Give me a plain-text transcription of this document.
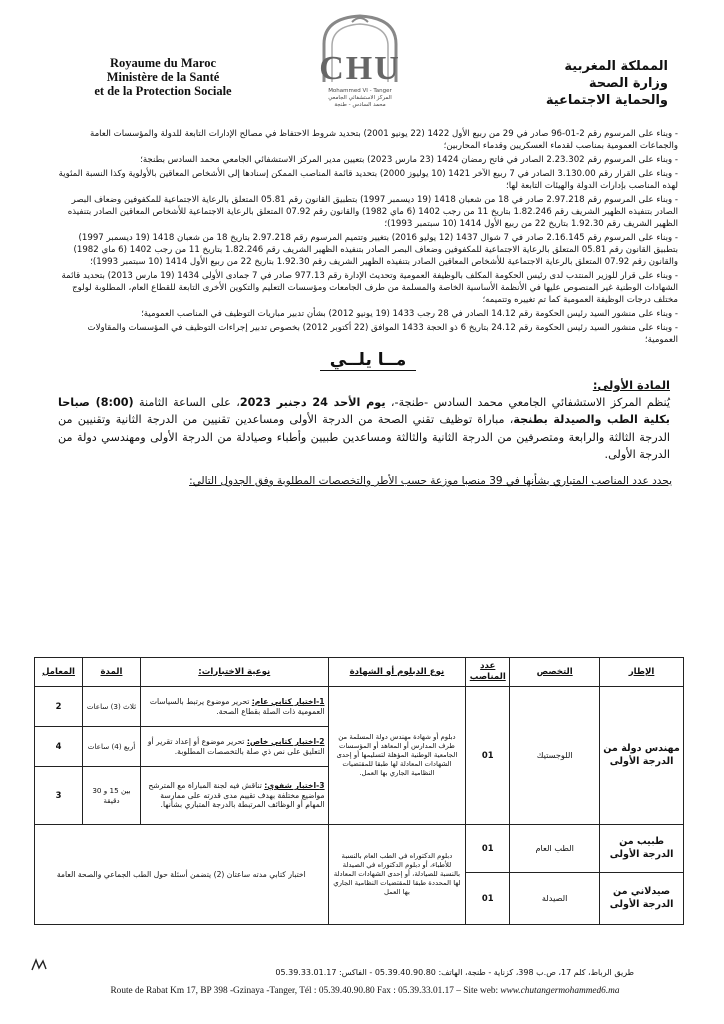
Royaume du Maroc
Ministère de la Santé
et de la Protection Sociale
CHU
Mohammed VI - Tanger
المركز الاستشفائي الجامعي
محمد السادس - طنجة
المملكة المغربية
وزارة الصحة
والحماية الاجتماعية

- وبناء على المرسوم رقم 2-01-96 صادر في 29 من ربيع الأول 1422 (22 يونيو 2001) بتحديد شروط الاحتفاظ في مصالح الإدارات التابعة للدولة والمؤسسات العامة والجماعات العمومية بمناصب لقدماء العسكريين وقدماء المحاربين؛

- وبناء على المرسوم رقم 2.23.302 الصادر في فاتح رمضان 1424 (23 مارس 2023) بتعيين مدير المركز الاستشفائي الجامعي محمد السادس بطنجة؛

- وبناء على القرار رقم 3.130.00 الصادر في 7 ربيع الآخر 1421 (10 يوليوز 2000) بتحديد قائمة المناصب الممكن إسنادها إلى الأشخاص المعاقين بالأولوية وكذا النسبة المئوية لهذه المناصب بإدارات الدولة والهيئات التابعة لها؛

- وبناء على المرسوم رقم 2.97.218 صادر في 18 من شعبان 1418 (19 ديسمبر 1997) بتطبيق القانون رقم 05.81 المتعلق بالرعاية الاجتماعية للمكفوفين وضعاف البصر الصادر بتنفيذه الظهير الشريف رقم 1.82.246 بتاريخ 11 من رجب 1402 (6 ماي 1982) والقانون رقم 07.92 المتعلق بالرعاية الاجتماعية للأشخاص المعاقين الصادر بتنفيذه الظهير الشريف رقم 1.92.30 بتاريخ 22 من ربيع الأول 1414 (10 سبتمبر 1993)؛

- وبناء على المرسوم رقم 2.16.145 صادر في 7 شوال 1437 (12 يوليو 2016) بتغيير وتتميم المرسوم رقم 2.97.218 بتاريخ 18 من شعبان 1418 (19 ديسمبر 1997) بتطبيق القانون رقم 05.81 المتعلق بالرعاية الاجتماعية للمكفوفين وضعاف البصر الصادر بتنفيذه الظهير الشريف رقم 1.82.246 بتاريخ 11 من رجب 1402 (6 ماي 1982) والقانون رقم 07.92 المتعلق بالرعاية الاجتماعية للأشخاص المعاقين الصادر بتنفيذه الظهير الشريف رقم 1.92.30 بتاريخ 22 من ربيع الأول 1414 (10 سبتمبر 1993)؛

- وبناء على قرار للوزير المنتدب لدى رئيس الحكومة المكلف بالوظيفة العمومية وتحديث الإدارة رقم 977.13 صادر في 7 جمادى الأولى 1434 (19 مارس 2013) بتحديد قائمة الشهادات الوطنية غير المنصوص عليها في الأنظمة الأساسية الخاصة والمسلمة من طرف الجامعات ومؤسسات التعليم والتكوين الأخرى التابعة للقطاع العام، المطلوبة لولوج مختلف درجات الوظيفة العمومية كما تم تغييره وتتميمه؛

- وبناء على منشور السيد رئيس الحكومة رقم 14.12 الصادر في 28 رجب 1433 (19 يونيو 2012) بشأن تدبير مباريات التوظيف في المناصب العمومية؛

- وبناء على منشور السيد رئيس الحكومة رقم 24.12 بتاريخ 6 ذو الحجة 1433 الموافق (22 أكتوبر 2012) بخصوص تدبير إجراءات التوظيف في المؤسسات والمقاولات العمومية؛

مــا يلــي
المادة الأولى:
يُنظم المركز الاستشفائي الجامعي محمد السادس -طنجة-، يوم الأحد 24 دجنبر 2023، على الساعة الثامنة (8:00) صباحا بكلية الطب والصيدلة بطنجة، مباراة توظيف تقني الصحة من الدرجة الأولى ومساعدين تقنيين من الدرجة الثانية وتقنيين من الدرجة الثالثة والرابعة ومتصرفين من الدرجة الثانية والثالثة ومساعدين طبيين وأطباء وصيادلة من الدرجة الأولى ومهندسي دولة من الدرجة الأولى.
يحدد عدد المناصب المتباري بشأنها في 39 منصبا موزعة حسب الأطر والتخصصات المطلوبة وفق الجدول التالي:
الإطار	التخصص	عدد المناصب	نوع الدبلوم أو الشهادة	نوعية الاختبارات:	المدة	المعامل
مهندس دولة من الدرجة الأولى	اللوجستيك	01	دبلوم أو شهادة مهندس دولة المسلمة من طرف المدارس أو المعاهد أو المؤسسات الجامعية الوطنية المؤهلة لتسليمها أو إحدى الشهادات المعادلة لها طبقا للمقتضيات النظامية الجاري بها العمل.	1-اختبار كتابي عام: تحرير موضوع يرتبط بالسياسات العمومية ذات الصلة بقطاع الصحة.	ثلاث (3) ساعات	2
				2-اختبار كتابي خاص: تحرير موضوع أو إعداد تقرير أو التعليق على نص ذي صلة بالتخصصات المطلوبة.	أربع (4) ساعات	4
				3-اختبار شفوي: تناقش فيه لجنة المباراة مع المترشح مواضيع مختلفة بهدف تقييم مدى قدرته على ممارسة المهام أو الوظائف المرتبطة بالدرجة المتباري بشأنها.	بين 15 و 30 دقيقة	3
طبيب من الدرجة الأولى	الطب العام	01	دبلوم الدكتوراه في الطب العام بالنسبة للأطباء، أو دبلوم الدكتوراه في الصيدلة بالنسبة للصيادلة، أو إحدى الشهادات المعادلة لها المحددة طبقا للمقتضيات النظامية الجاري بها العمل	اختبار كتابي مدته ساعتان (2) يتضمن أسئلة حول الطب الجماعي والصحة العامة		
صيدلاني من الدرجة الأولى	الصيدلة	01				
طريق الرباط، كلم 17، ص.ب 398، كزناية - طنجة، الهاتف: 05.39.40.90.80 - الفاكس: 05.39.33.01.17
Route de Rabat Km 17, BP 398 -Gzinaya -Tanger, Tél : 05.39.40.90.80 Fax : 05.39.33.01.17 – Site web: www.chutangermohammed6.ma
